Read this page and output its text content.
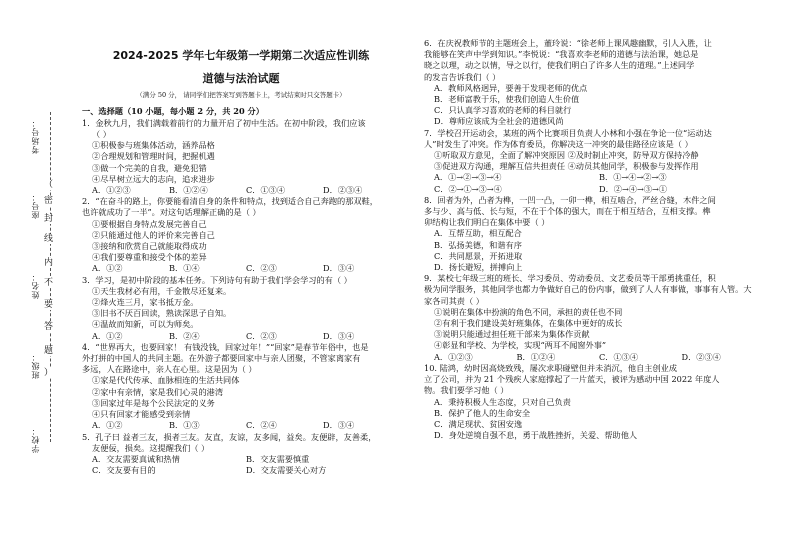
考场号：
座号：
姓名：
班级：
学校：
（
密
封
线
内
不
要
答
题
）
2024-2025 学年七年级第一学期第二次适应性训练
道德与法治试题
（满分 50 分， 请同学们把答案写到答题卡上，考试结束时只交答题卡）
一、选择题（10 小题，每小题 2 分，共 20 分）
1．金秋九月，我们满载着前行的力量开启了初中生活。在初中阶段，我们应该
（ ）
①积极参与班集体活动，涵养品格
②合理规划和管理时间，把握机遇
③做一个完美的自我，避免犯错
④尽早树立远大的志向，追求进步
A．①②③	B．①②④	C．①③④	D．②③④
2．“在奋斗的路上，你要能看清自身的条件和特点，找到适合自己奔跑的那双鞋，
也许就成功了一半”。对这句话理解正确的是（ ）
①要根据自身特点发展完善自己
②只能通过他人的评价来完善自己
③接纳和欣赏自己就能取得成功
④我们要尊重和接受个体的差异
A．①②	B．①④	C．②③	D．③④
3．学习，是初中阶段的基本任务。下列诗句有助于我们学会学习的有（ ）
①天生我材必有用，千金散尽还复来。
②烽火连三月，家书抵万金。
③旧书不厌百回读，熟读深思子自知。
④温故而知新，可以为师矣。
A．①②	B．②④	C．②③	D．③④
4．“世界再大，也要回家！ 有钱没钱，回家过年！”“回家”是春节年俗中，也是
外打拼的中国人的共同主题。在外游子都要回家中与亲人团聚，不管家离家有
多远，人在路途中，亲人在心里。这是因为（ ）
①家是代代传承、血脉相连的生活共同体
②家中有亲情，家是我们心灵的港湾
③回家过年是每个公民法定的义务
④只有回家才能感受到亲情
A．①②	B．①③	C．②④	D．③④
5．孔子曰 益者三友，损者三友。友直，友谅，友多闻，益矣。友便辟，友善柔，
友便佞，损矣。这提醒我们（ ）
A．交友需要真诚和热情	B．交友需要慎重
C．交友要有目的	D．交友需要关心对方
6．在庆祝教师节的主题班会上，董玲说：“徐老师上课风趣幽默，引人入胜，让
我能够在笑声中学到知识。”李悦说：“我喜欢李老师的道德与法治课，她总是
晓之以理，动之以情，导之以行，使我们明白了许多人生的道理。”上述同学
的发言告诉我们（ ）
A．教师风格迥异，要善于发现老师的优点
B．老师富教于乐，使我们创造人生价值
C．只认真学习喜欢的老师的科目就行
D．尊师应该成为全社会的道德风尚
7．学校召开运动会，某班的两个比赛项目负责人小林和小强在争论一位“运动达
人”时发生了冲突。作为体育委员，你解决这一冲突的最佳路径应该是（ ）
①听取双方意见，全面了解冲突原因 ②及时制止冲突，防导双方保持冷静
③促进双方沟通，理解互信共担责任 ④动员其他同学，积极参与发挥作用
A．①→②→③→④	B．①→④→②→③
C．②→①→③→④	D．②→④→③→①
8．回者为外，凸者为榫，一凹一凸，一卯一榫，相互啮合，严丝合缝，木件之间
多与少、高与低、长与短，不在于个体的强大，而在于相互结合，互相支撑。榫
卯结构让我们明白在集体中要（ ）
A．互帮互助，相互配合
B．弘扬美德，和谐有序
C．共同愿景，开拓进取
D．扬长避短，拼搏向上
9．某校七年级三班的班长、学习委员、劳动委员、文艺委员等干部勇挑重任，积
极为同学服务，其他同学也都力争做好自己的份内事，做到了人人有事做，事事有人管。大
家各司其责（ ）
①说明在集体中扮演的角色不同，承担的责任也不同
②有利于我们建设美好班集体，在集体中更好的成长
③说明只能通过担任班干部来为集体作贡献
④彰显和学校、为学校，实现“两耳不闻窗外事”
A．①②③	B．①②④	C．①③④	D．②③④
10. 陆鸿，幼时因高烧致残，屡次求职碰壁但并未消沉，他自主创业成
立了公司，并为 21 个残疾人家庭撑起了一片蓝天，被评为感动中国 2022 年度人
物。我们要学习他（ ）
A．秉持积极人生态度，只对自己负责
B．保护了他人的生命安全
C．满足现状、贫困安逸
D．身处逆境自强不息，勇于战胜挫折，关爱、帮助他人
